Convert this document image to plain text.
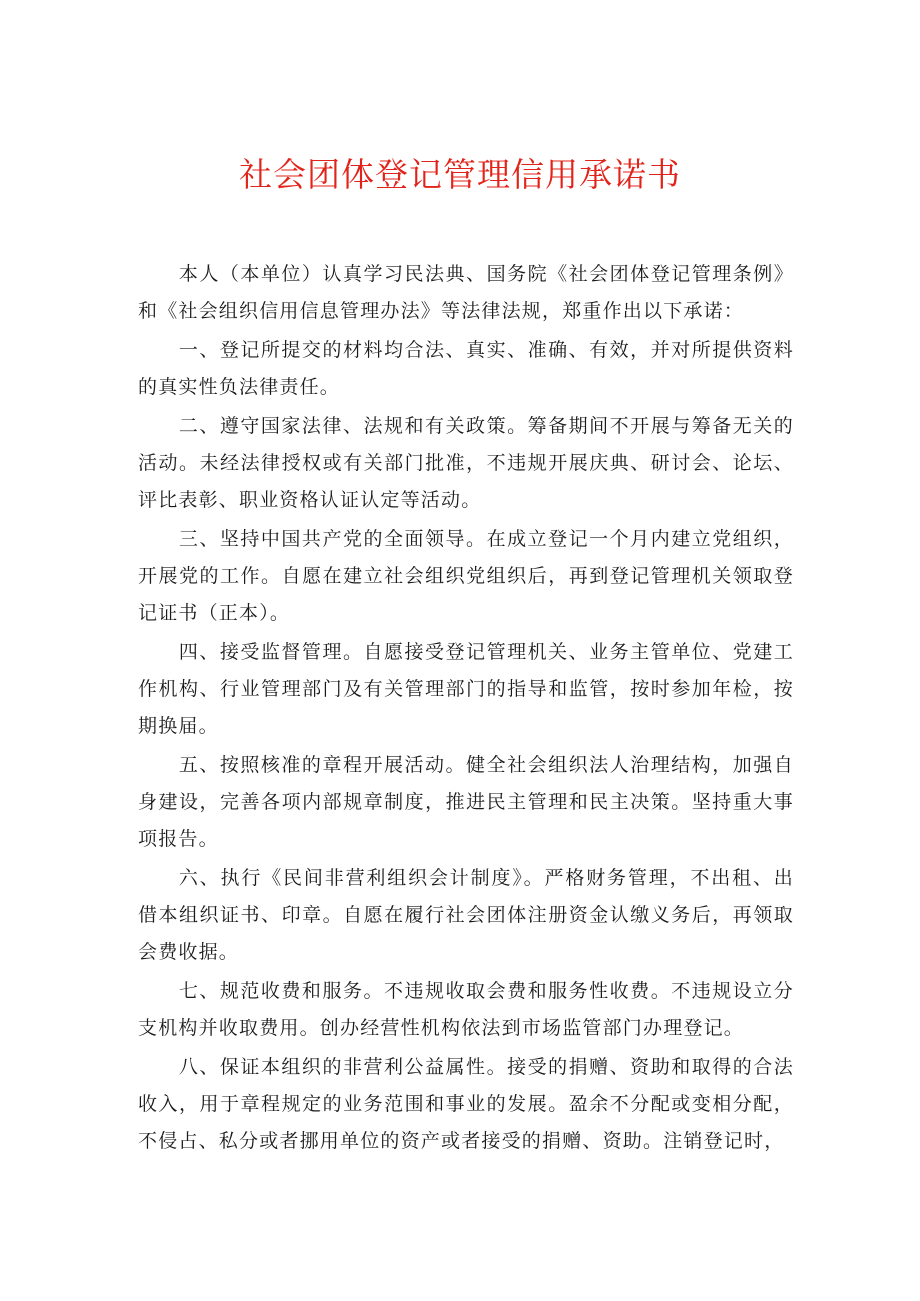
社会团体登记管理信用承诺书

本人（本单位）认真学习民法典、国务院《社会团体登记管理条例》和《社会组织信用信息管理办法》等法律法规，郑重作出以下承诺：

一、登记所提交的材料均合法、真实、准确、有效，并对所提供资料的真实性负法律责任。

二、遵守国家法律、法规和有关政策。筹备期间不开展与筹备无关的活动。未经法律授权或有关部门批准，不违规开展庆典、研讨会、论坛、评比表彰、职业资格认证认定等活动。

三、坚持中国共产党的全面领导。在成立登记一个月内建立党组织，开展党的工作。自愿在建立社会组织党组织后，再到登记管理机关领取登记证书（正本）。

四、接受监督管理。自愿接受登记管理机关、业务主管单位、党建工作机构、行业管理部门及有关管理部门的指导和监管，按时参加年检，按期换届。

五、按照核准的章程开展活动。健全社会组织法人治理结构，加强自身建设，完善各项内部规章制度，推进民主管理和民主决策。坚持重大事项报告。

六、执行《民间非营利组织会计制度》。严格财务管理，不出租、出借本组织证书、印章。自愿在履行社会团体注册资金认缴义务后，再领取会费收据。

七、规范收费和服务。不违规收取会费和服务性收费。不违规设立分支机构并收取费用。创办经营性机构依法到市场监管部门办理登记。

八、保证本组织的非营利公益属性。接受的捐赠、资助和取得的合法收入，用于章程规定的业务范围和事业的发展。盈余不分配或变相分配，不侵占、私分或者挪用单位的资产或者接受的捐赠、资助。注销登记时，
